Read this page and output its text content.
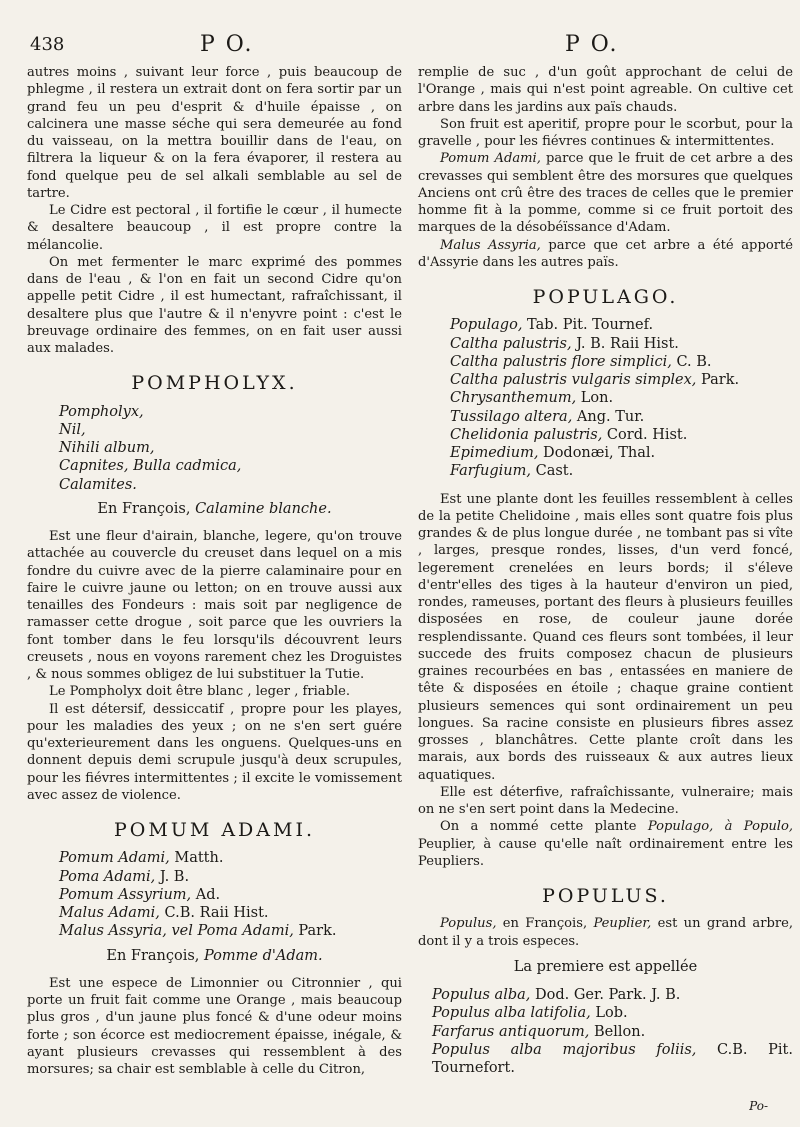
438	P O.	P O.

autres moins , suivant leur force , puis beaucoup de phlegme , il restera un extrait dont on fera sortir par un grand feu un peu d'esprit & d'huile épaisse , on calcinera une masse séche qui sera demeurée au fond du vaisseau, on la mettra bouillir dans de l'eau, on filtrera la liqueur & on la fera évaporer, il restera au fond quelque peu de sel alkali semblable au sel de tartre.

Le Cidre est pectoral , il fortifie le cœur , il humecte & desaltere beaucoup , il est propre contre la mélancolie.

On met fermenter le marc exprimé des pommes dans de l'eau , & l'on en fait un second Cidre qu'on appelle petit Cidre , il est humectant, rafraîchissant, il desaltere plus que l'autre & il n'enyvre point : c'est le breuvage ordinaire des femmes, on en fait user aussi aux malades.

POMPHOLYX.
Pompholyx,
Nil,
Nihili album,
Capnites, Bulla cadmica,
Calamites.
En François, Calamine blanche.

Est une fleur d'airain, blanche, legere, qu'on trouve attachée au couvercle du creuset dans lequel on a mis fondre du cuivre avec de la pierre calaminaire pour en faire le cuivre jaune ou letton; on en trouve aussi aux tenailles des Fondeurs : mais soit par negligence de ramasser cette drogue , soit parce que les ouvriers la font tomber dans le feu lorsqu'ils découvrent leurs creusets , nous en voyons rarement chez les Droguistes , & nous sommes obligez de lui substituer la Tutie.

Le Pompholyx doit être blanc , leger , friable.

Il est détersif, dessiccatif , propre pour les playes, pour les maladies des yeux ; on ne s'en sert guére qu'exterieurement dans les onguens. Quelques-uns en donnent depuis demi scrupule jusqu'à deux scrupules, pour les fiévres intermittentes ; il excite le vomissement avec assez de violence.

POMUM ADAMI.
Pomum Adami, Matth.
Poma Adami, J. B.
Pomum Assyrium, Ad.
Malus Adami, C.B. Raii Hist.
Malus Assyria, vel Poma Adami, Park.
En François, Pomme d'Adam.

Est une espece de Limonnier ou Citronnier , qui porte un fruit fait comme une Orange , mais beaucoup plus gros , d'un jaune plus foncé & d'une odeur moins forte ; son écorce est mediocrement épaisse, inégale, & ayant plusieurs crevasses qui ressemblent à des morsures; sa chair est semblable à celle du Citron,

remplie de suc , d'un goût approchant de celui de l'Orange , mais qui n'est point agreable. On cultive cet arbre dans les jardins aux païs chauds.

Son fruit est aperitif, propre pour le scorbut, pour la gravelle , pour les fiévres continues & intermittentes.

Pomum Adami, parce que le fruit de cet arbre a des crevasses qui semblent être des morsures que quelques Anciens ont crû être des traces de celles que le premier homme fit à la pomme, comme si ce fruit portoit des marques de la désobéïssance d'Adam.

Malus Assyria, parce que cet arbre a été apporté d'Assyrie dans les autres païs.

POPULAGO.
Populago, Tab. Pit. Tournef.
Caltha palustris, J. B. Raii Hist.
Caltha palustris flore simplici, C. B.
Caltha palustris vulgaris simplex, Park.
Chrysanthemum, Lon.
Tussilago altera, Ang. Tur.
Chelidonia palustris, Cord. Hist.
Epimedium, Dodonæi, Thal.
Farfugium, Cast.

Est une plante dont les feuilles ressemblent à celles de la petite Chelidoine , mais elles sont quatre fois plus grandes & de plus longue durée , ne tombant pas si vîte , larges, presque rondes, lisses, d'un verd foncé, legerement crenelées en leurs bords; il s'éleve d'entr'elles des tiges à la hauteur d'environ un pied, rondes, rameuses, portant des fleurs à plusieurs feuilles disposées en rose, de couleur jaune dorée resplendissante. Quand ces fleurs sont tombées, il leur succede des fruits composez chacun de plusieurs graines recourbées en bas , entassées en maniere de tête & disposées en étoile ; chaque graine contient plusieurs semences qui sont ordinairement un peu longues. Sa racine consiste en plusieurs fibres assez grosses , blanchâtres. Cette plante croît dans les marais, aux bords des ruisseaux & aux autres lieux aquatiques.

Elle est déterfive, rafraîchissante, vulneraire; mais on ne s'en sert point dans la Medecine.

On a nommé cette plante Populago, à Populo, Peuplier, à cause qu'elle naît ordinairement entre les Peupliers.

POPULUS.

Populus, en François, Peuplier, est un grand arbre, dont il y a trois especes.

La premiere est appellée
Populus alba, Dod. Ger. Park. J. B.
Populus alba latifolia, Lob.
Farfarus antiquorum, Bellon.
Populus alba majoribus foliis, C.B. Pit. Tournefort.
Po-
